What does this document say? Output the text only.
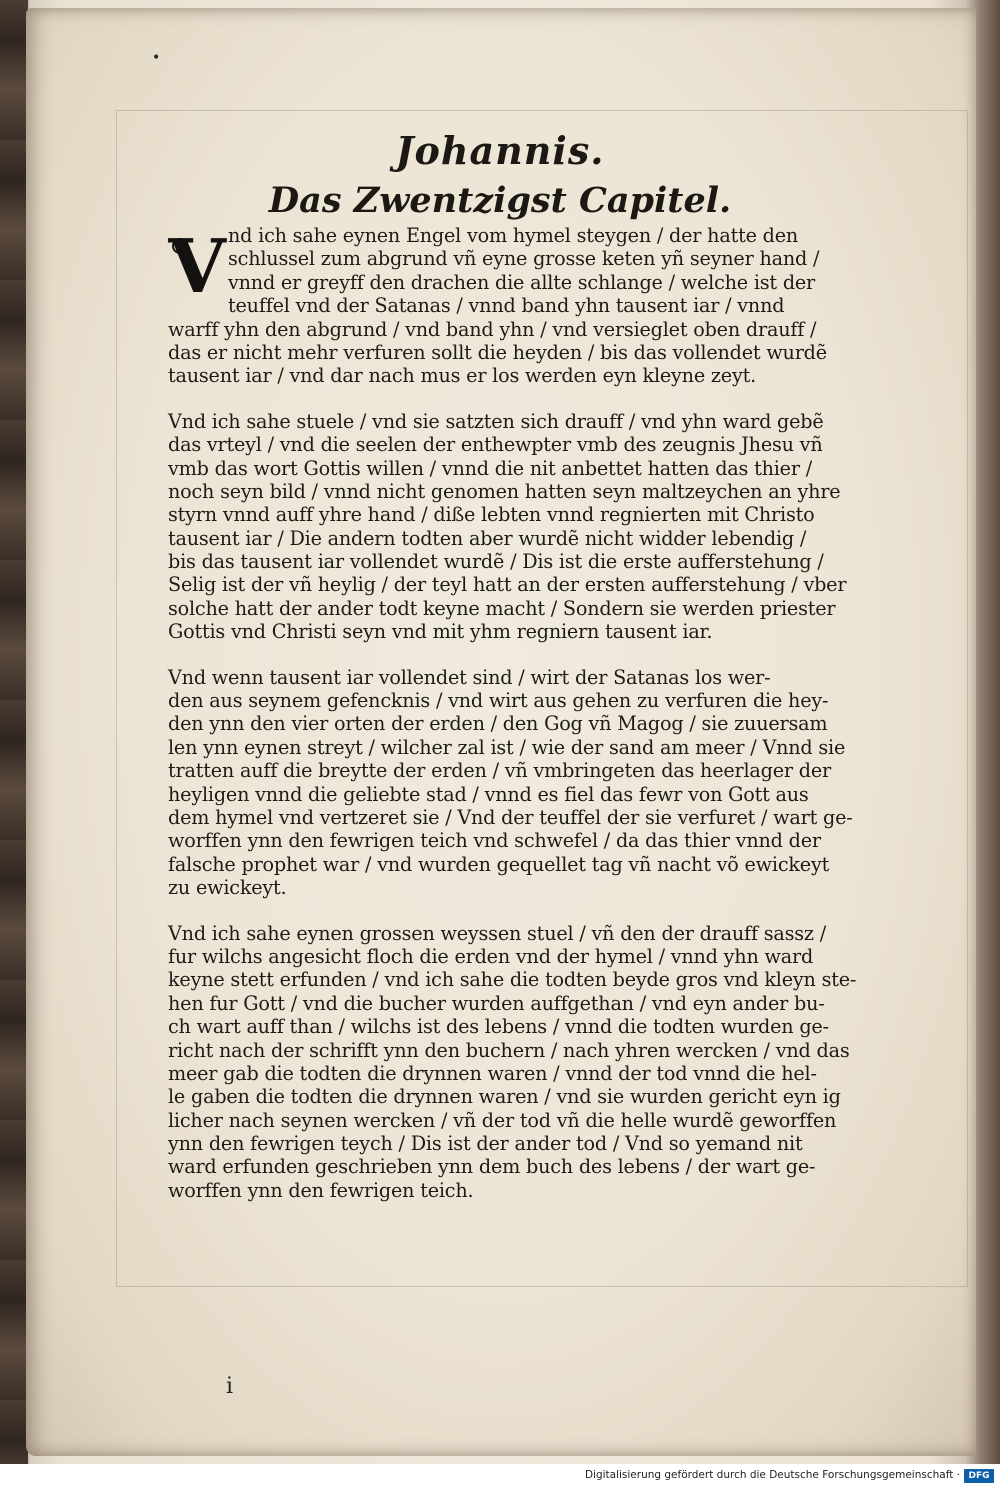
•
Johannis.
Das Zwentzigst Capitel.
V nd ich sahe eynen Engel vom hymel steygen / der hatte den
schlussel zum abgrund vñ eyne grosse keten yñ seyner hand /
vnnd er greyff den drachen die allte schlange / welche ist der
teuffel vnd der Satanas / vnnd band yhn tausent iar / vnnd
warff yhn den abgrund / vnd band yhn / vnd versieglet oben drauff /
das er nicht mehr verfuren sollt die heyden / bis das vollendet wurdẽ
tausent iar / vnd dar nach mus er los werden eyn kleyne zeyt.
Vnd ich sahe stuele / vnd sie satzten sich drauff / vnd yhn ward gebẽ
das vrteyl / vnd die seelen der enthewpter vmb des zeugnis Jhesu vñ
vmb das wort Gottis willen / vnnd die nit anbettet hatten das thier /
noch seyn bild / vnnd nicht genomen hatten seyn maltzeychen an yhre
styrn vnnd auff yhre hand / diße lebten vnnd regnierten mit Christo
tausent iar / Die andern todten aber wurdẽ nicht widder lebendig /
bis das tausent iar vollendet wurdẽ / Dis ist die erste aufferstehung /
Selig ist der vñ heylig / der teyl hatt an der ersten aufferstehung / vber
solche hatt der ander todt keyne macht / Sondern sie werden priester
Gottis vnd Christi seyn vnd mit yhm regniern tausent iar.
Vnd wenn tausent iar vollendet sind / wirt der Satanas los wer-
den aus seynem gefencknis / vnd wirt aus gehen zu verfuren die hey-
den ynn den vier orten der erden / den Gog vñ Magog / sie zuuersam
len ynn eynen streyt / wilcher zal ist / wie der sand am meer / Vnnd sie
tratten auff die breytte der erden / vñ vmbringeten das heerlager der
heyligen vnnd die geliebte stad / vnnd es fiel das fewr von Gott aus
dem hymel vnd vertzeret sie / Vnd der teuffel der sie verfuret / wart ge-
worffen ynn den fewrigen teich vnd schwefel / da das thier vnnd der
falsche prophet war / vnd wurden gequellet tag vñ nacht võ ewickeyt
zu ewickeyt.
Vnd ich sahe eynen grossen weyssen stuel / vñ den der drauff sassz /
fur wilchs angesicht floch die erden vnd der hymel / vnnd yhn ward
keyne stett erfunden / vnd ich sahe die todten beyde gros vnd kleyn ste-
hen fur Gott / vnd die bucher wurden auffgethan / vnd eyn ander bu-
ch wart auff than / wilchs ist des lebens / vnnd die todten wurden ge-
richt nach der schrifft ynn den buchern / nach yhren wercken / vnd das
meer gab die todten die drynnen waren / vnnd der tod vnnd die hel-
le gaben die todten die drynnen waren / vnd sie wurden gericht eyn ig
licher nach seynen wercken / vñ der tod vñ die helle wurdẽ geworffen
ynn den fewrigen teych / Dis ist der ander tod / Vnd so yemand nit
ward erfunden geschrieben ynn dem buch des lebens / der wart ge-
worffen ynn den fewrigen teich.
i
Digitalisierung gefördert durch die Deutsche Forschungsgemeinschaft · DFG
